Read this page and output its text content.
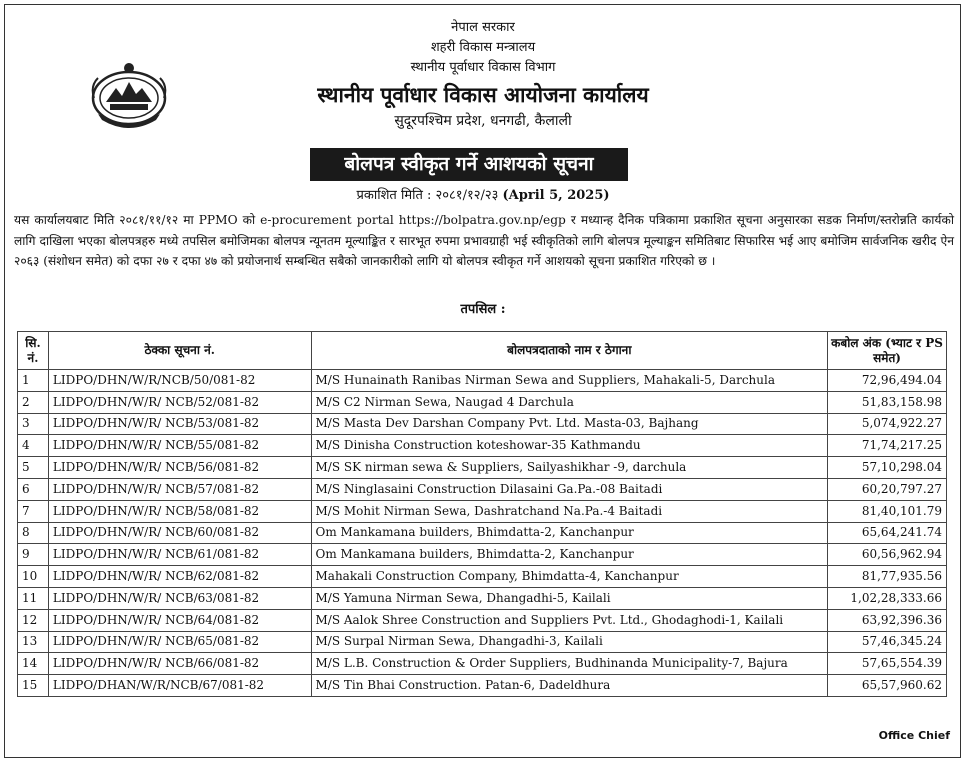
नेपाल सरकार
शहरी विकास मन्त्रालय
स्थानीय पूर्वाधार विकास विभाग
स्थानीय पूर्वाधार विकास आयोजना कार्यालय
सुदूरपश्चिम प्रदेश, धनगढी, कैलाली
बोलपत्र स्वीकृत गर्ने आशयको सूचना
प्रकाशित मिति : २०८१/१२/२३ (April 5, 2025)

यस कार्यालयबाट मिति २०८१/११/१२ मा PPMO को e-procurement portal https://bolpatra.gov.np/egp र मध्यान्ह दैनिक पत्रिकामा प्रकाशित सूचना अनुसारका सडक निर्माण/स्तरोन्नति कार्यको लागि दाखिला भएका बोलपत्रहरु मध्ये तपसिल बमोजिमका बोलपत्र न्यूनतम मूल्याङ्कित र सारभूत रुपमा प्रभावग्राही भई स्वीकृतिको लागि बोलपत्र मूल्याङ्कन समितिबाट सिफारिस भई आए बमोजिम सार्वजनिक खरीद ऐन २०६३ (संशोधन समेत) को दफा २७ र दफा ४७ को प्रयोजनार्थ सम्बन्धित सबैको जानकारीको लागि यो बोलपत्र स्वीकृत गर्ने आशयको सूचना प्रकाशित गरिएको छ ।

तपसिल :
सि. नं.	ठेक्का सूचना नं.	बोलपत्रदाताको नाम र ठेगाना	कबोल अंक (भ्याट र PS समेत)
1	LIDPO/DHN/W/R/NCB/50/081-82	M/S Hunainath Ranibas Nirman Sewa and Suppliers, Mahakali-5, Darchula	72,96,494.04
2	LIDPO/DHN/W/R/ NCB/52/081-82	M/S C2 Nirman Sewa, Naugad 4 Darchula	51,83,158.98
3	LIDPO/DHN/W/R/ NCB/53/081-82	M/S Masta Dev Darshan Company Pvt. Ltd. Masta-03, Bajhang	5,074,922.27
4	LIDPO/DHN/W/R/ NCB/55/081-82	M/S Dinisha Construction koteshowar-35 Kathmandu	71,74,217.25
5	LIDPO/DHN/W/R/ NCB/56/081-82	M/S SK nirman sewa & Suppliers, Sailyashikhar -9, darchula	57,10,298.04
6	LIDPO/DHN/W/R/ NCB/57/081-82	M/S Ninglasaini Construction Dilasaini Ga.Pa.-08 Baitadi	60,20,797.27
7	LIDPO/DHN/W/R/ NCB/58/081-82	M/S Mohit Nirman Sewa, Dashratchand Na.Pa.-4 Baitadi	81,40,101.79
8	LIDPO/DHN/W/R/ NCB/60/081-82	Om Mankamana builders, Bhimdatta-2, Kanchanpur	65,64,241.74
9	LIDPO/DHN/W/R/ NCB/61/081-82	Om Mankamana builders, Bhimdatta-2, Kanchanpur	60,56,962.94
10	LIDPO/DHN/W/R/ NCB/62/081-82	Mahakali Construction Company, Bhimdatta-4, Kanchanpur	81,77,935.56
11	LIDPO/DHN/W/R/ NCB/63/081-82	M/S Yamuna Nirman Sewa, Dhangadhi-5, Kailali	1,02,28,333.66
12	LIDPO/DHN/W/R/ NCB/64/081-82	M/S Aalok Shree Construction and Suppliers Pvt. Ltd., Ghodaghodi-1, Kailali	63,92,396.36
13	LIDPO/DHN/W/R/ NCB/65/081-82	M/S Surpal Nirman Sewa, Dhangadhi-3, Kailali	57,46,345.24
14	LIDPO/DHN/W/R/ NCB/66/081-82	M/S L.B. Construction & Order Suppliers, Budhinanda Municipality-7, Bajura	57,65,554.39
15	LIDPO/DHAN/W/R/NCB/67/081-82	M/S Tin Bhai Construction. Patan-6, Dadeldhura	65,57,960.62
Office Chief
